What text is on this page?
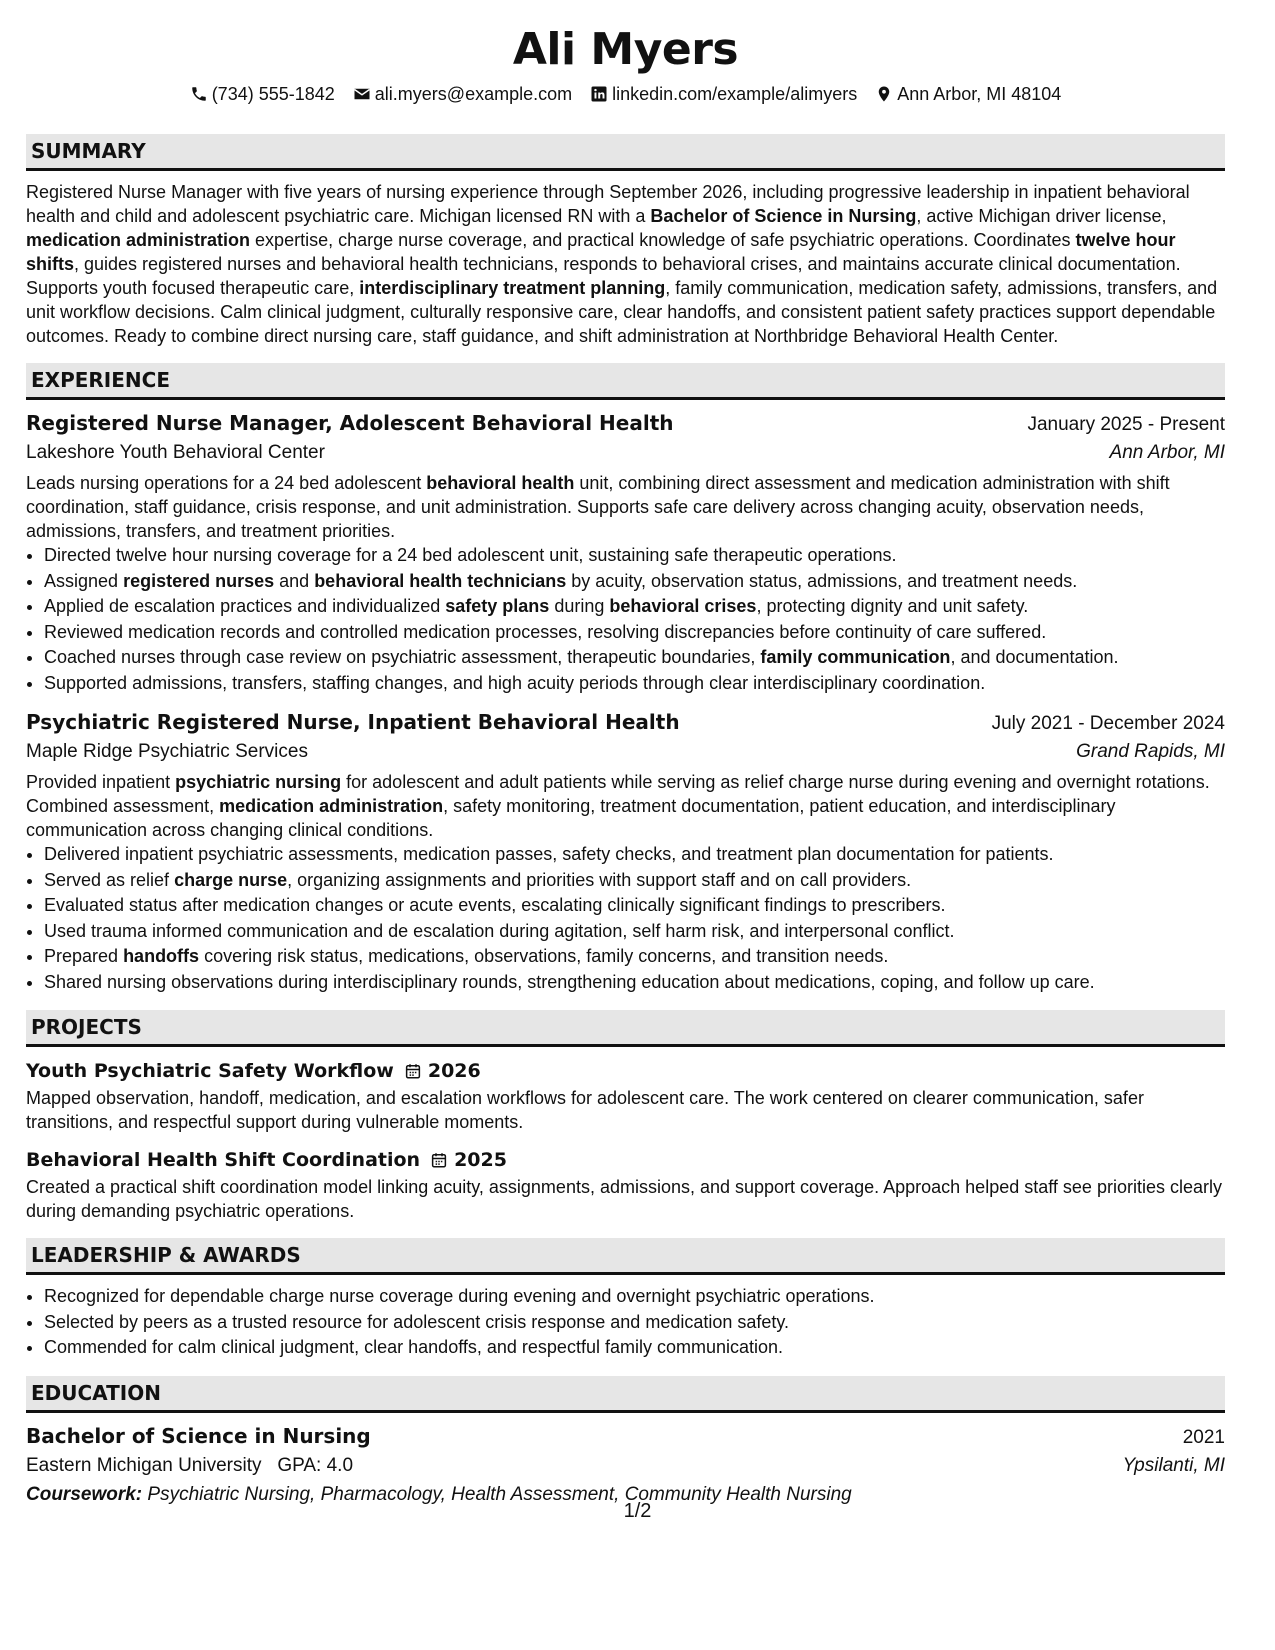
Ali Myers
(734) 555-1842 ali.myers@example.com linkedin.com/example/alimyers Ann Arbor, MI 48104
SUMMARY

Registered Nurse Manager with five years of nursing experience through September 2026, including progressive leadership in inpatient behavioral health and child and adolescent psychiatric care. Michigan licensed RN with a Bachelor of Science in Nursing, active Michigan driver license, medication administration expertise, charge nurse coverage, and practical knowledge of safe psychiatric operations. Coordinates twelve hour shifts, guides registered nurses and behavioral health technicians, responds to behavioral crises, and maintains accurate clinical documentation. Supports youth focused therapeutic care, interdisciplinary treatment planning, family communication, medication safety, admissions, transfers, and unit workflow decisions. Calm clinical judgment, culturally responsive care, clear handoffs, and consistent patient safety practices support dependable outcomes. Ready to combine direct nursing care, staff guidance, and shift administration at Northbridge Behavioral Health Center.

EXPERIENCE
Registered Nurse Manager, Adolescent Behavioral Health	January 2025 - Present
Lakeshore Youth Behavioral Center	Ann Arbor, MI

Leads nursing operations for a 24 bed adolescent behavioral health unit, combining direct assessment and medication administration with shift coordination, staff guidance, crisis response, and unit administration. Supports safe care delivery across changing acuity, observation needs, admissions, transfers, and treatment priorities.

• Directed twelve hour nursing coverage for a 24 bed adolescent unit, sustaining safe therapeutic operations.
• Assigned registered nurses and behavioral health technicians by acuity, observation status, admissions, and treatment needs.
• Applied de escalation practices and individualized safety plans during behavioral crises, protecting dignity and unit safety.
• Reviewed medication records and controlled medication processes, resolving discrepancies before continuity of care suffered.
• Coached nurses through case review on psychiatric assessment, therapeutic boundaries, family communication, and documentation.
• Supported admissions, transfers, staffing changes, and high acuity periods through clear interdisciplinary coordination.
Psychiatric Registered Nurse, Inpatient Behavioral Health	July 2021 - December 2024
Maple Ridge Psychiatric Services	Grand Rapids, MI

Provided inpatient psychiatric nursing for adolescent and adult patients while serving as relief charge nurse during evening and overnight rotations. Combined assessment, medication administration, safety monitoring, treatment documentation, patient education, and interdisciplinary communication across changing clinical conditions.

• Delivered inpatient psychiatric assessments, medication passes, safety checks, and treatment plan documentation for patients.
• Served as relief charge nurse, organizing assignments and priorities with support staff and on call providers.
• Evaluated status after medication changes or acute events, escalating clinically significant findings to prescribers.
• Used trauma informed communication and de escalation during agitation, self harm risk, and interpersonal conflict.
• Prepared handoffs covering risk status, medications, observations, family concerns, and transition needs.
• Shared nursing observations during interdisciplinary rounds, strengthening education about medications, coping, and follow up care.
PROJECTS
Youth Psychiatric Safety Workflow 2026

Mapped observation, handoff, medication, and escalation workflows for adolescent care. The work centered on clearer communication, safer transitions, and respectful support during vulnerable moments.

Behavioral Health Shift Coordination 2025

Created a practical shift coordination model linking acuity, assignments, admissions, and support coverage. Approach helped staff see priorities clearly during demanding psychiatric operations.

LEADERSHIP & AWARDS
• Recognized for dependable charge nurse coverage during evening and overnight psychiatric operations.
• Selected by peers as a trusted resource for adolescent crisis response and medication safety.
• Commended for calm clinical judgment, clear handoffs, and respectful family communication.
EDUCATION
Bachelor of Science in Nursing	2021
Eastern Michigan University GPA: 4.0	Ypsilanti, MI
Coursework: Psychiatric Nursing, Pharmacology, Health Assessment, Community Health Nursing
1/2
